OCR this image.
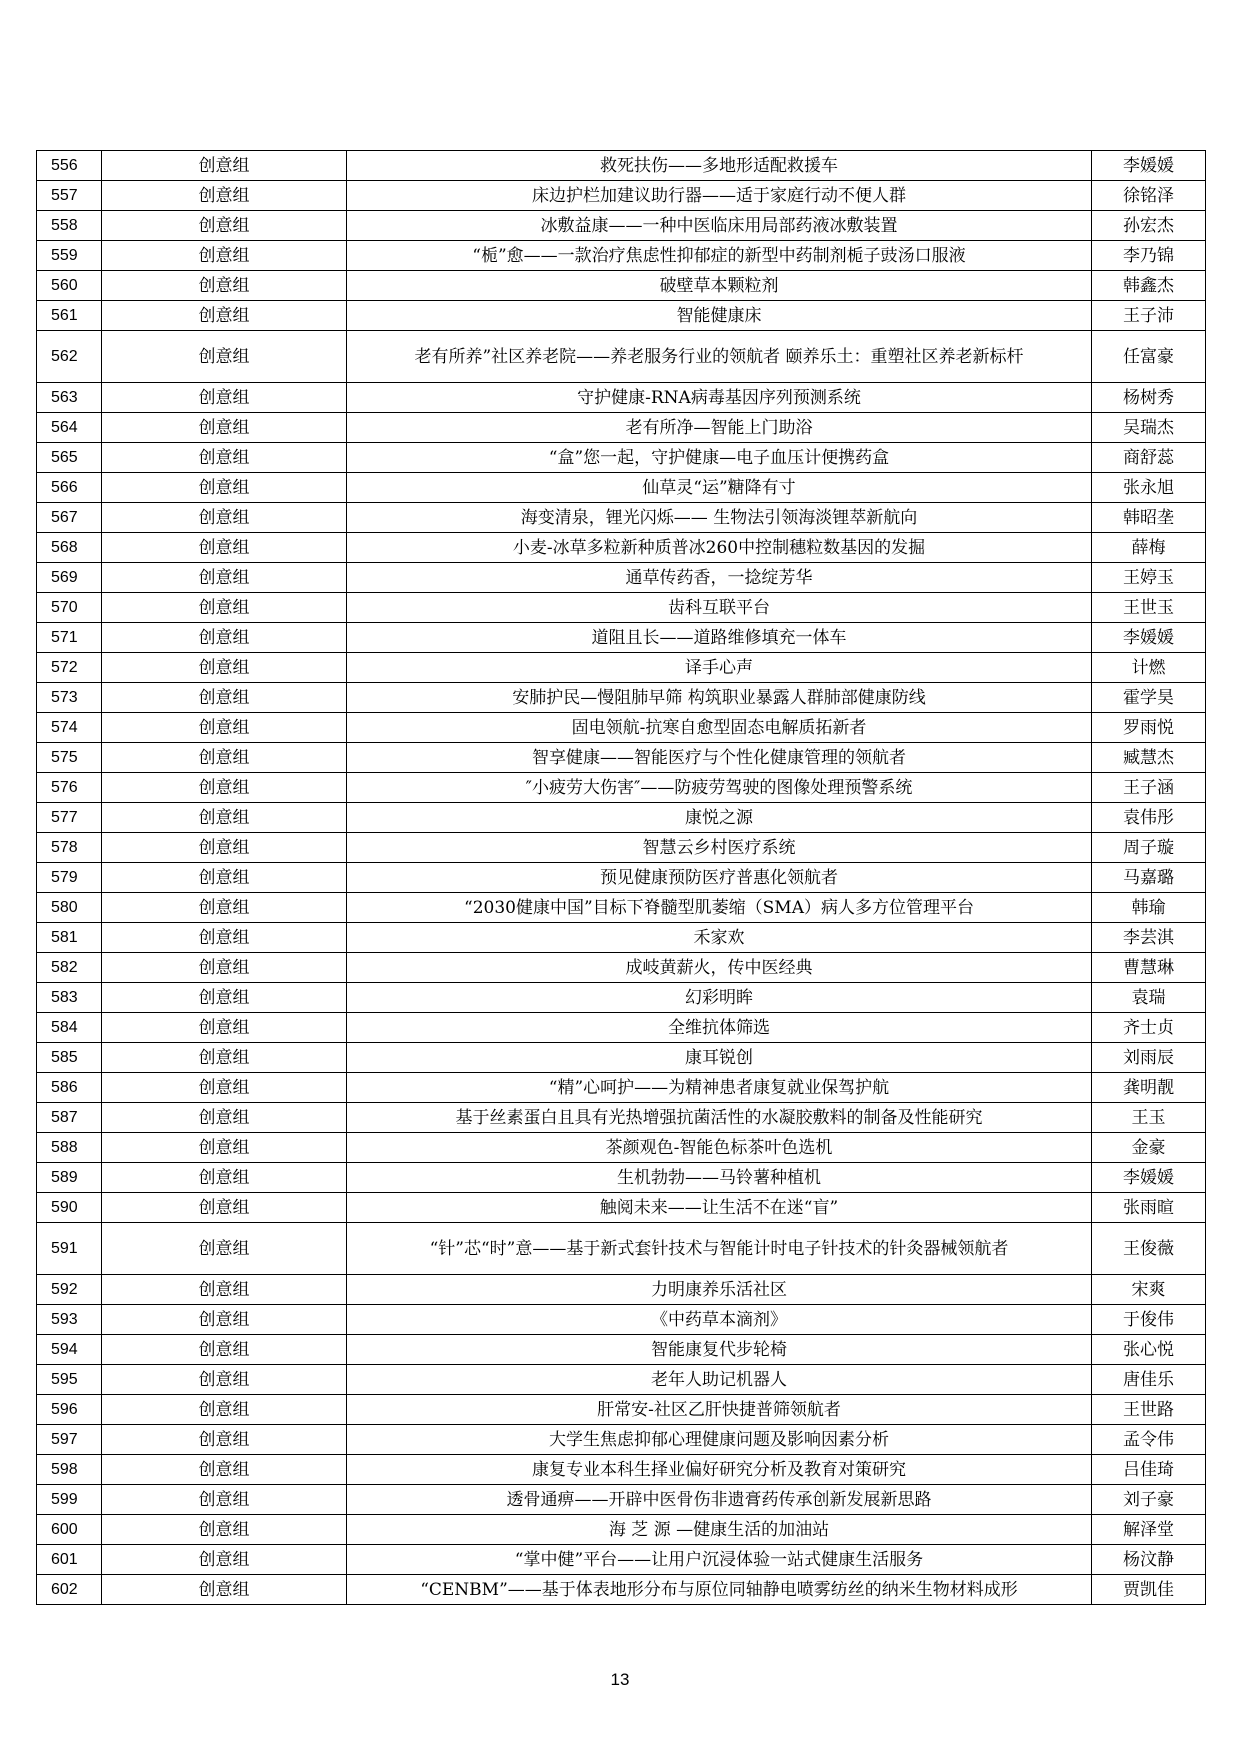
556	创意组	救死扶伤——多地形适配救援车	李媛媛
557	创意组	床边护栏加建议助行器——适于家庭行动不便人群	徐铭泽
558	创意组	冰敷益康——一种中医临床用局部药液冰敷装置	孙宏杰
559	创意组	“栀”愈——一款治疗焦虑性抑郁症的新型中药制剂栀子豉汤口服液	李乃锦
560	创意组	破壁草本颗粒剂	韩鑫杰
561	创意组	智能健康床	王子沛
562	创意组	老有所养”社区养老院——养老服务行业的领航者 颐养乐土：重塑社区养老新标杆	任富豪
563	创意组	守护健康-RNA病毒基因序列预测系统	杨树秀
564	创意组	老有所净—智能上门助浴	吴瑞杰
565	创意组	“盒”您一起，守护健康—电子血压计便携药盒	商舒蕊
566	创意组	仙草灵“运”糖降有寸	张永旭
567	创意组	海变清泉，锂光闪烁—— 生物法引领海淡锂萃新航向	韩昭垄
568	创意组	小麦-冰草多粒新种质普冰260中控制穗粒数基因的发掘	薛梅
569	创意组	通草传药香，一捻绽芳华	王婷玉
570	创意组	齿科互联平台	王世玉
571	创意组	道阻且长——道路维修填充一体车	李媛媛
572	创意组	译手心声	计燃
573	创意组	安肺护民—慢阻肺早筛 构筑职业暴露人群肺部健康防线	霍学昊
574	创意组	固电领航-抗寒自愈型固态电解质拓新者	罗雨悦
575	创意组	智享健康——智能医疗与个性化健康管理的领航者	臧慧杰
576	创意组	″小疲劳大伤害″——防疲劳驾驶的图像处理预警系统	王子涵
577	创意组	康悦之源	袁伟彤
578	创意组	智慧云乡村医疗系统	周子璇
579	创意组	预见健康预防医疗普惠化领航者	马嘉璐
580	创意组	“2030健康中国”目标下脊髓型肌萎缩（SMA）病人多方位管理平台	韩瑜
581	创意组	禾家欢	李芸淇
582	创意组	成岐黄薪火，传中医经典	曹慧琳
583	创意组	幻彩明眸	袁瑞
584	创意组	全维抗体筛选	齐士贞
585	创意组	康耳锐创	刘雨辰
586	创意组	“精”心呵护——为精神患者康复就业保驾护航	龚明靓
587	创意组	基于丝素蛋白且具有光热增强抗菌活性的水凝胶敷料的制备及性能研究	王玉
588	创意组	茶颜观色-智能色标茶叶色选机	金豪
589	创意组	生机勃勃——马铃薯种植机	李媛媛
590	创意组	触阅未来——让生活不在迷“盲”	张雨暄
591	创意组	“针”芯“时”意——基于新式套针技术与智能计时电子针技术的针灸器械领航者	王俊薇
592	创意组	力明康养乐活社区	宋爽
593	创意组	《中药草本滴剂》	于俊伟
594	创意组	智能康复代步轮椅	张心悦
595	创意组	老年人助记机器人	唐佳乐
596	创意组	肝常安-社区乙肝快捷普筛领航者	王世路
597	创意组	大学生焦虑抑郁心理健康问题及影响因素分析	孟令伟
598	创意组	康复专业本科生择业偏好研究分析及教育对策研究	吕佳琦
599	创意组	透骨通痹——开辟中医骨伤非遗膏药传承创新发展新思路	刘子豪
600	创意组	海 芝 源 —健康生活的加油站	解泽堂
601	创意组	“掌中健”平台——让用户沉浸体验一站式健康生活服务	杨汶静
602	创意组	“CENBM”——基于体表地形分布与原位同轴静电喷雾纺丝的纳米生物材料成形	贾凯佳
13
